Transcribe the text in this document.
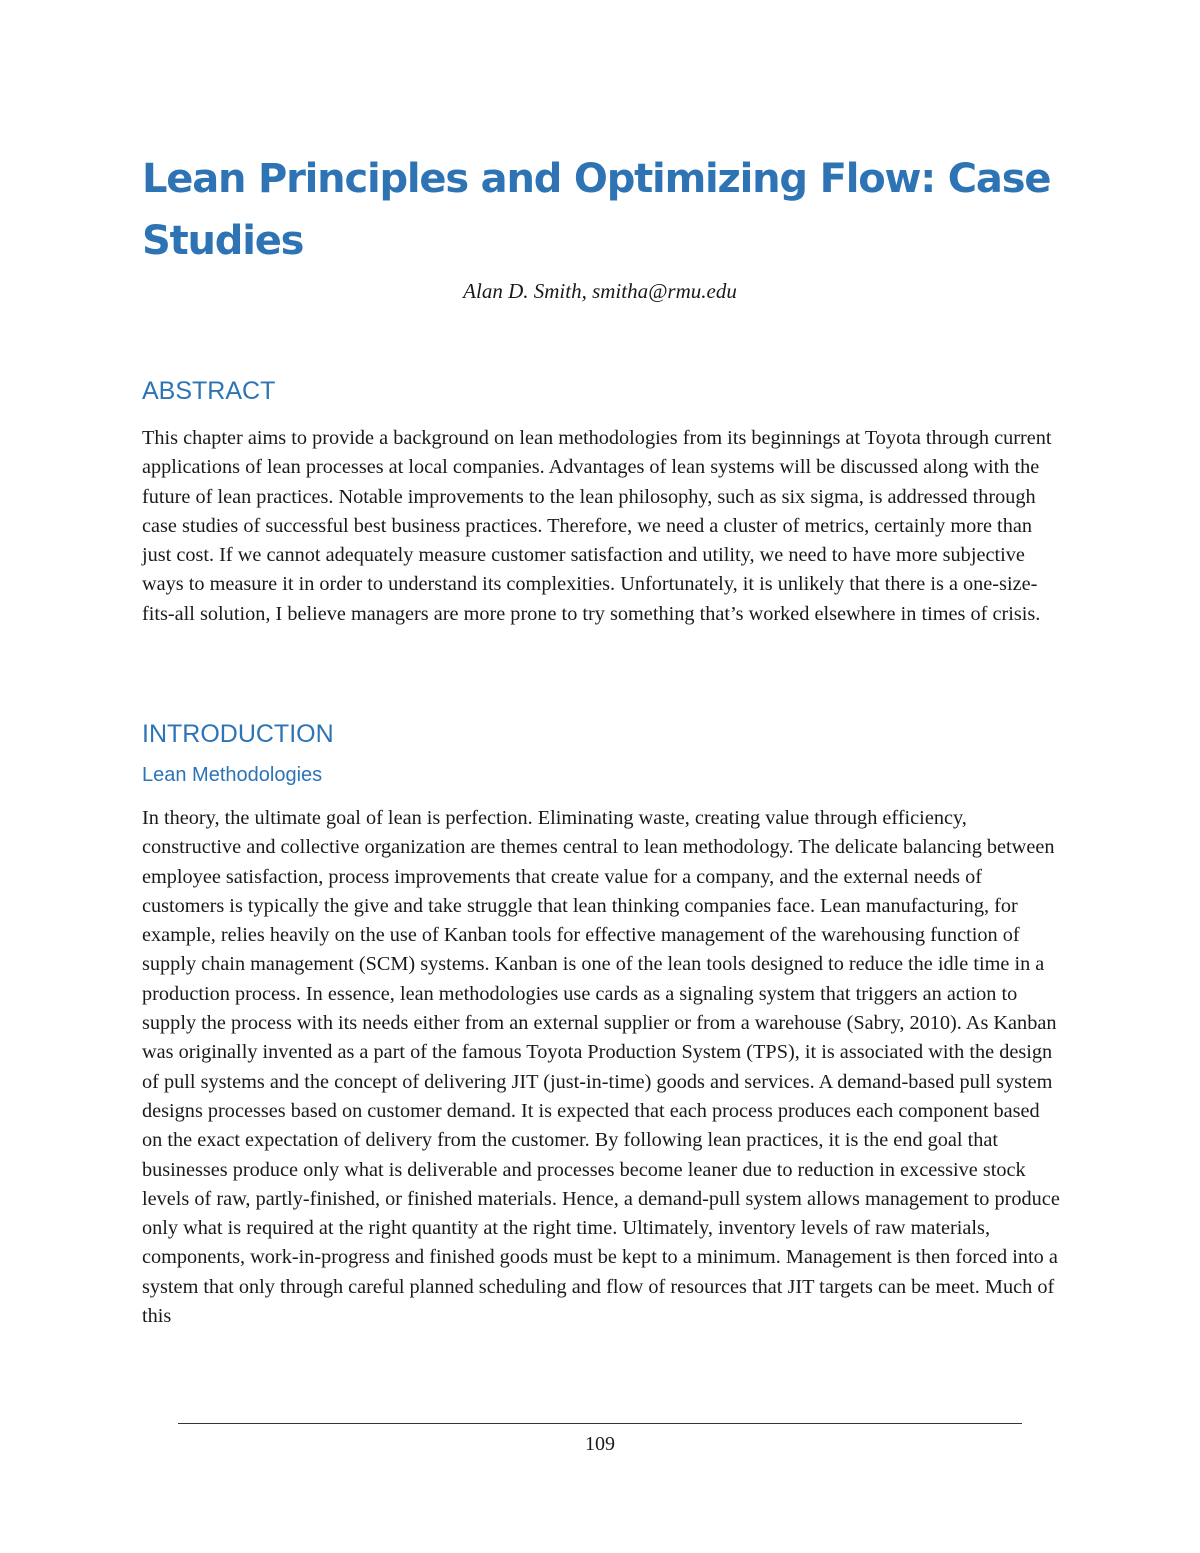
Lean Principles and Optimizing Flow: Case Studies

Alan D. Smith, smitha@rmu.edu

ABSTRACT

This chapter aims to provide a background on lean methodologies from its beginnings at Toyota through current applications of lean processes at local companies. Advantages of lean systems will be discussed along with the future of lean practices. Notable improvements to the lean philosophy, such as six sigma, is addressed through case studies of successful best business practices. Therefore, we need a cluster of metrics, certainly more than just cost. If we cannot adequately measure customer satisfaction and utility, we need to have more subjective ways to measure it in order to understand its complexities. Unfortunately, it is unlikely that there is a one-size-fits-all solution, I believe managers are more prone to try something that’s worked elsewhere in times of crisis.

INTRODUCTION
Lean Methodologies

In theory, the ultimate goal of lean is perfection. Eliminating waste, creating value through efficiency, constructive and collective organization are themes central to lean methodology. The delicate balancing between employee satisfaction, process improvements that create value for a company, and the external needs of customers is typically the give and take struggle that lean thinking companies face. Lean manufacturing, for example, relies heavily on the use of Kanban tools for effective management of the warehousing function of supply chain management (SCM) systems. Kanban is one of the lean tools designed to reduce the idle time in a production process. In essence, lean methodologies use cards as a signaling system that triggers an action to supply the process with its needs either from an external supplier or from a warehouse (Sabry, 2010). As Kanban was originally invented as a part of the famous Toyota Production System (TPS), it is associated with the design of pull systems and the concept of delivering JIT (just-in-time) goods and services. A demand-based pull system designs processes based on customer demand. It is expected that each process produces each component based on the exact expectation of delivery from the customer. By following lean practices, it is the end goal that businesses produce only what is deliverable and processes become leaner due to reduction in excessive stock levels of raw, partly-finished, or finished materials. Hence, a demand-pull system allows management to produce only what is required at the right quantity at the right time. Ultimately, inventory levels of raw materials, components, work-in-progress and finished goods must be kept to a minimum. Management is then forced into a system that only through careful planned scheduling and flow of resources that JIT targets can be meet. Much of this

109
